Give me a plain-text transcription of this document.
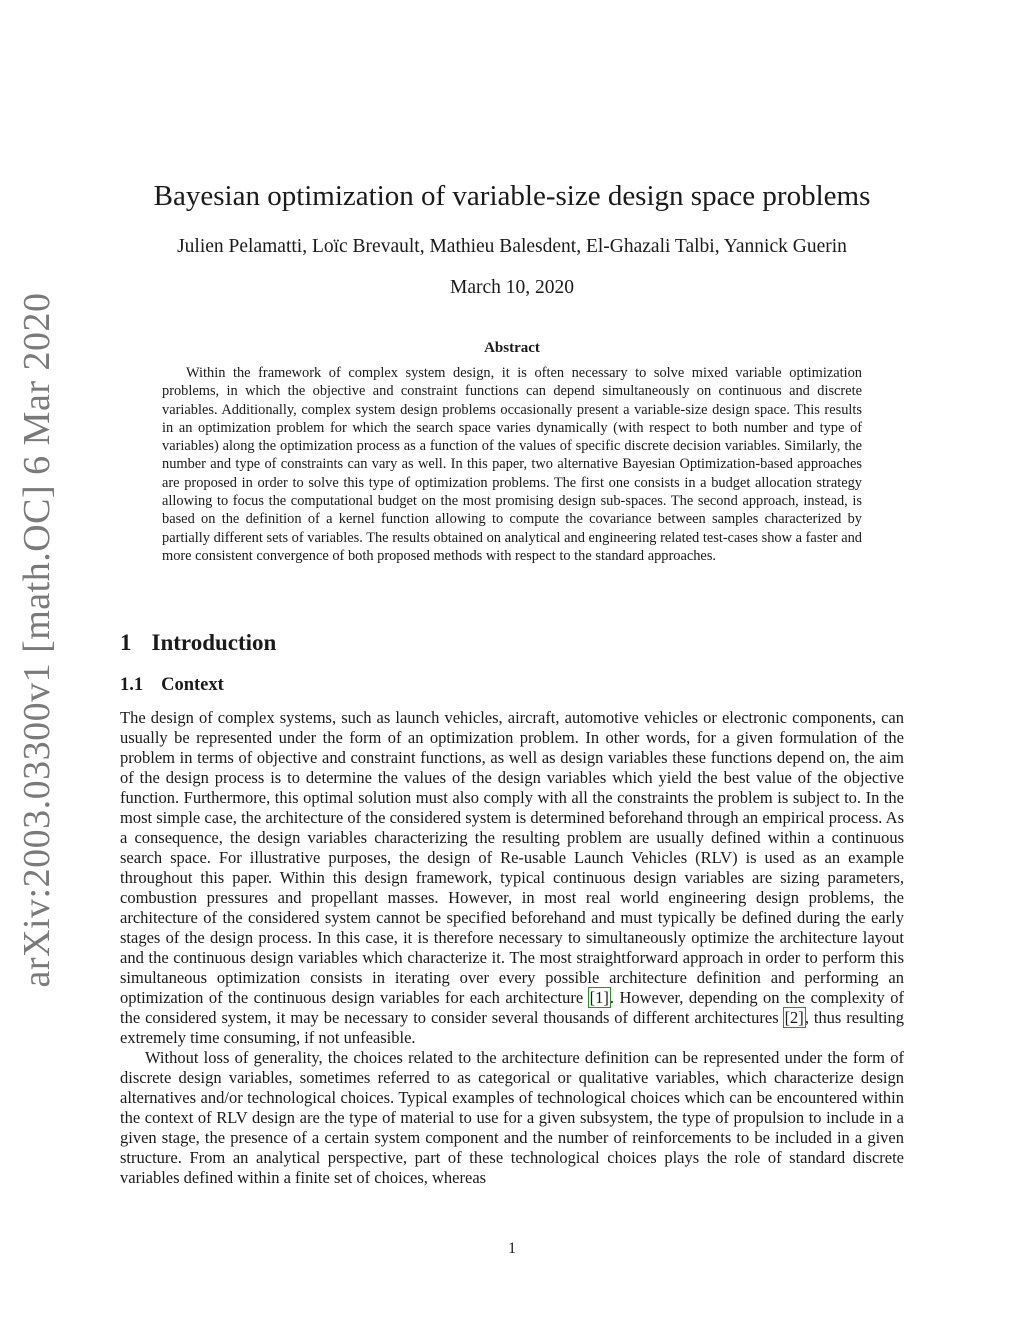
arXiv:2003.03300v1 [math.OC] 6 Mar 2020
Bayesian optimization of variable-size design space problems
Julien Pelamatti, Loïc Brevault, Mathieu Balesdent, El-Ghazali Talbi, Yannick Guerin
March 10, 2020
Abstract

Within the framework of complex system design, it is often necessary to solve mixed variable optimization problems, in which the objective and constraint functions can depend simultaneously on continuous and discrete variables. Additionally, complex system design problems occasionally present a variable-size design space. This results in an optimization problem for which the search space varies dynamically (with respect to both number and type of variables) along the optimization process as a function of the values of specific discrete decision variables. Similarly, the number and type of constraints can vary as well. In this paper, two alternative Bayesian Optimization-based approaches are proposed in order to solve this type of optimization problems. The first one consists in a budget allocation strategy allowing to focus the computational budget on the most promising design sub-spaces. The second approach, instead, is based on the definition of a kernel function allowing to compute the covariance between samples characterized by partially different sets of variables. The results obtained on analytical and engineering related test-cases show a faster and more consistent convergence of both proposed methods with respect to the standard approaches.

1 Introduction
1.1 Context

The design of complex systems, such as launch vehicles, aircraft, automotive vehicles or electronic components, can usually be represented under the form of an optimization problem. In other words, for a given formulation of the problem in terms of objective and constraint functions, as well as design variables these functions depend on, the aim of the design process is to determine the values of the design variables which yield the best value of the objective function. Furthermore, this optimal solution must also comply with all the constraints the problem is subject to. In the most simple case, the architecture of the considered system is determined beforehand through an empirical process. As a consequence, the design variables characterizing the resulting problem are usually defined within a continuous search space. For illustrative purposes, the design of Re-usable Launch Vehicles (RLV) is used as an example throughout this paper. Within this design framework, typical continuous design variables are sizing parameters, combustion pressures and propellant masses. However, in most real world engineering design problems, the architecture of the considered system cannot be specified beforehand and must typically be defined during the early stages of the design process. In this case, it is therefore necessary to simultaneously optimize the architecture layout and the continuous design variables which characterize it. The most straightforward approach in order to perform this simultaneous optimization consists in iterating over every possible architecture definition and performing an optimization of the continuous design variables for each architecture [1]. However, depending on the complexity of the considered system, it may be necessary to consider several thousands of different architectures [2], thus resulting extremely time consuming, if not unfeasible.

Without loss of generality, the choices related to the architecture definition can be represented under the form of discrete design variables, sometimes referred to as categorical or qualitative variables, which characterize design alternatives and/or technological choices. Typical examples of technological choices which can be encountered within the context of RLV design are the type of material to use for a given subsystem, the type of propulsion to include in a given stage, the presence of a certain system component and the number of reinforcements to be included in a given structure. From an analytical perspective, part of these technological choices plays the role of standard discrete variables defined within a finite set of choices, whereas

1
